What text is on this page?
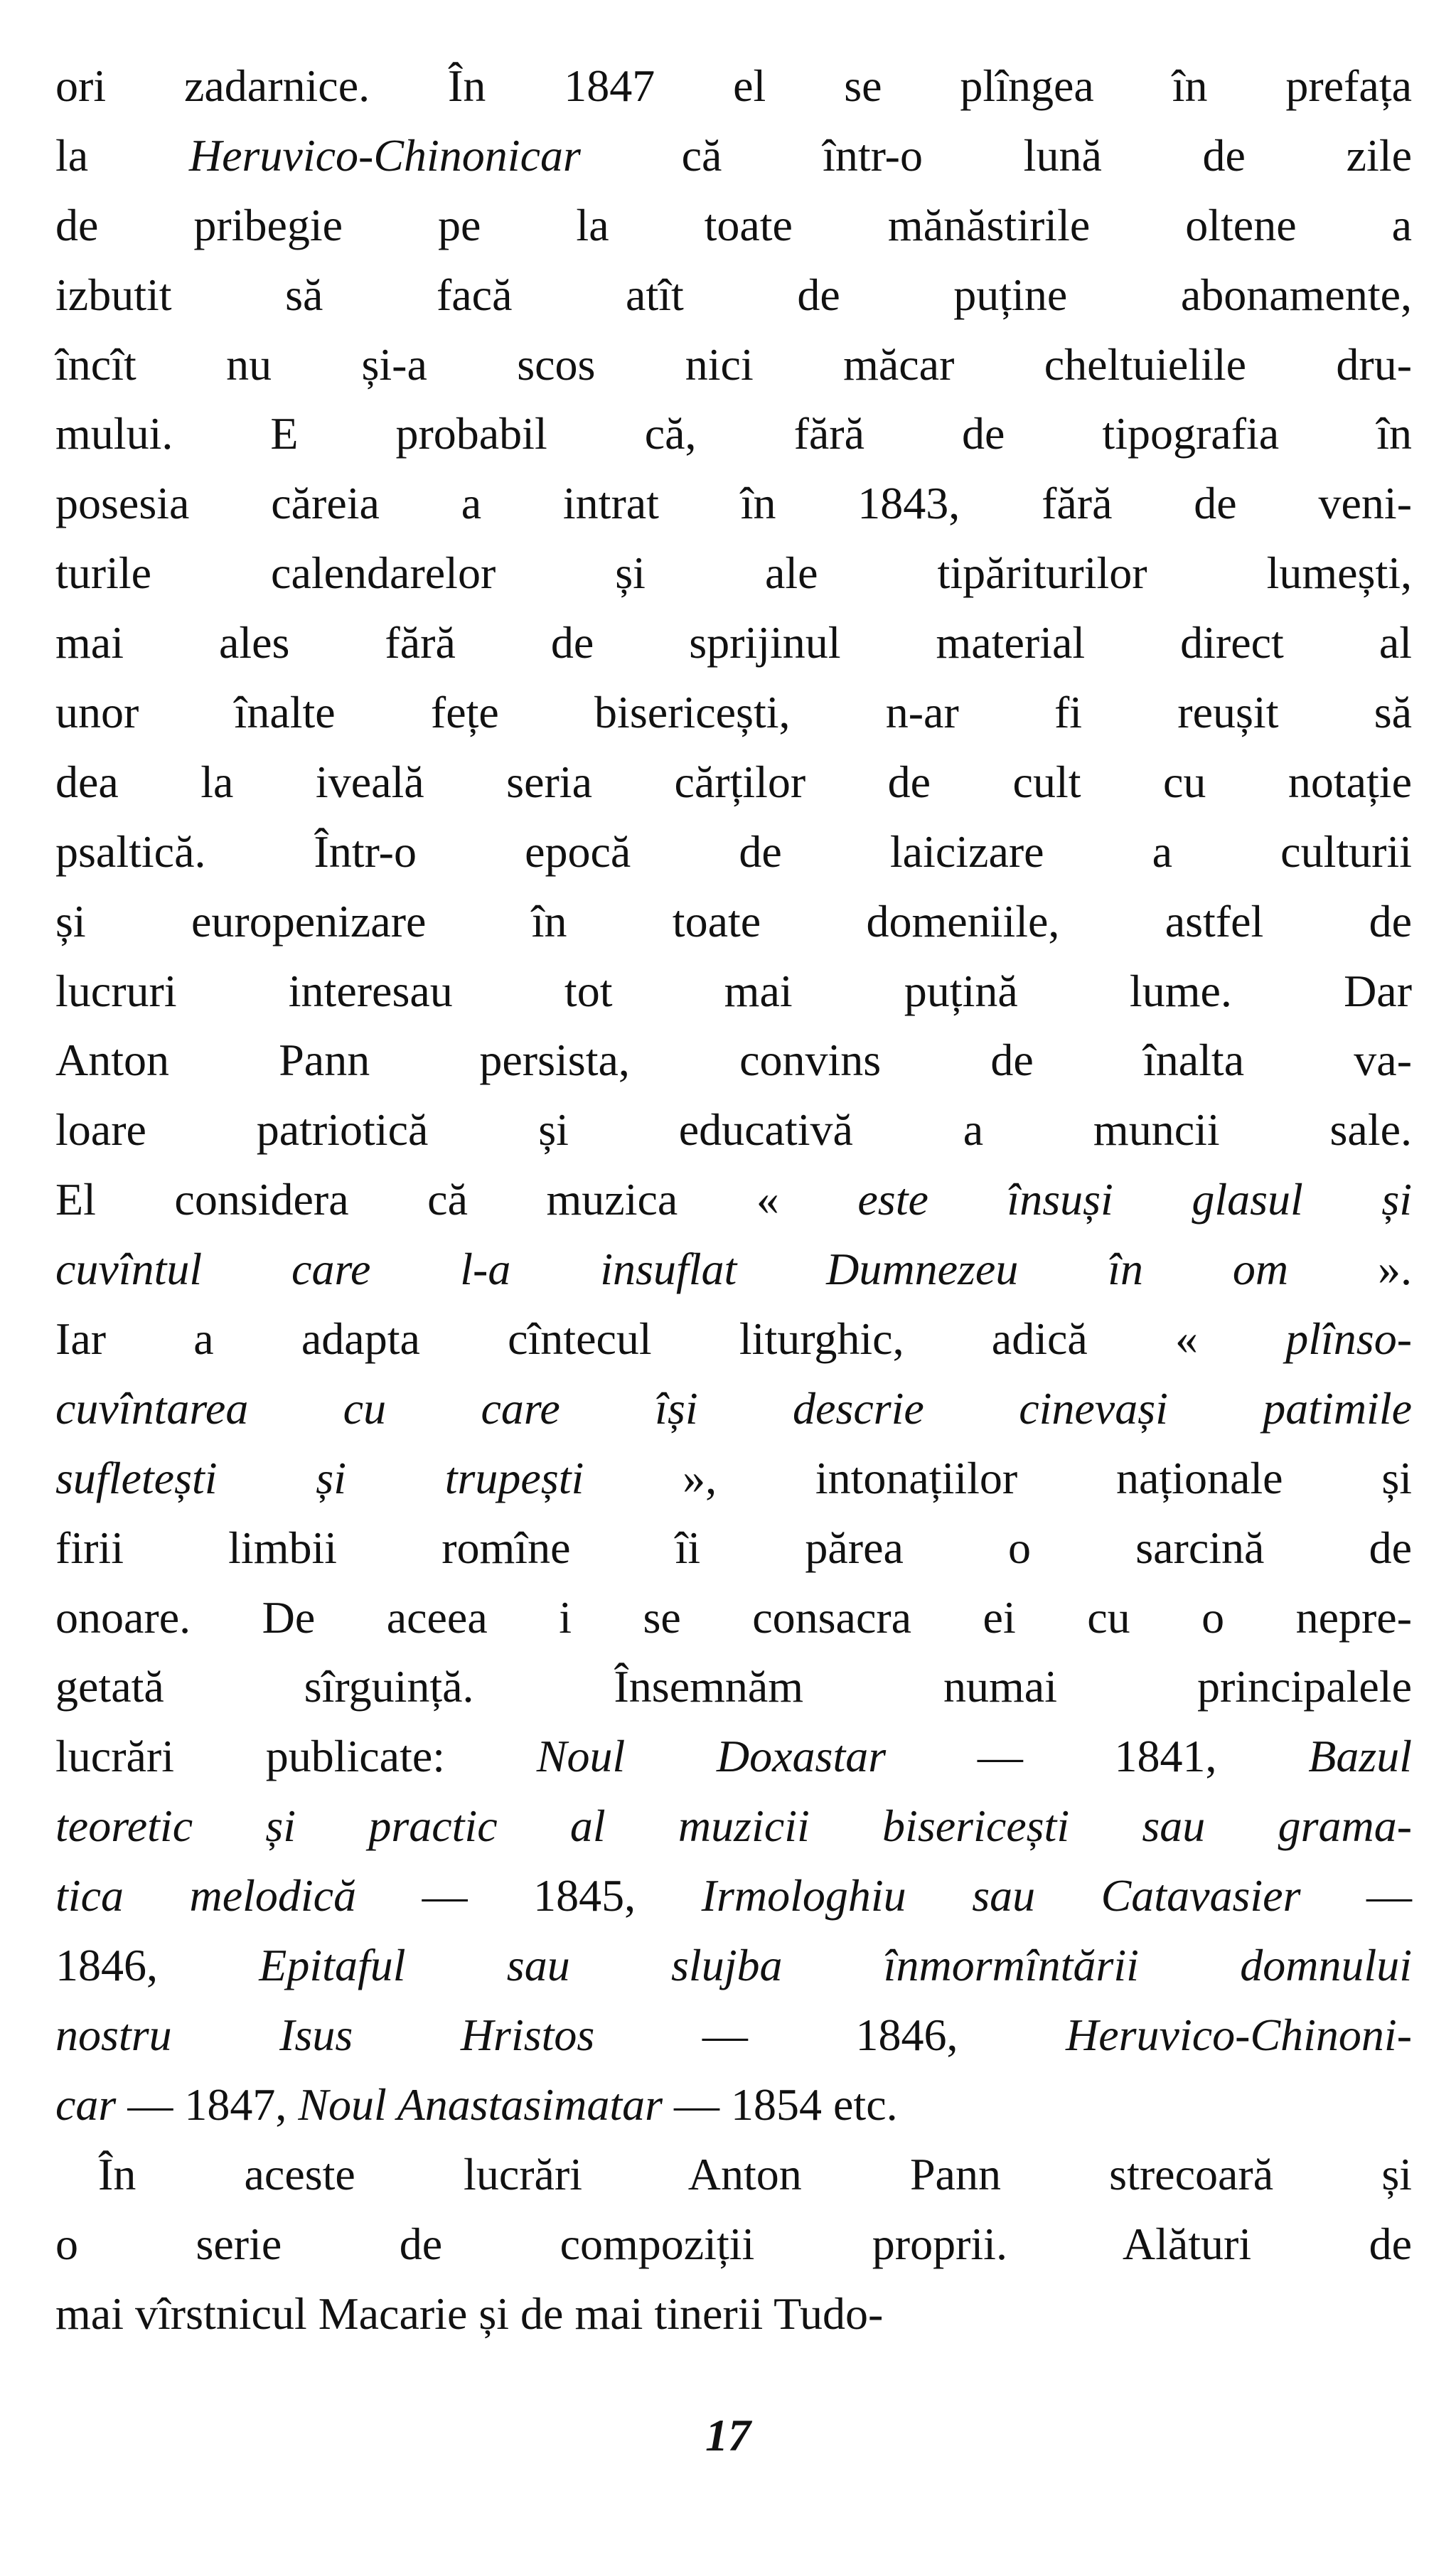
ori zadarnice. În 1847 el se plîngea în prefața
la Heruvico-Chinonicar că într-o lună de zile
de pribegie pe la toate mănăstirile oltene a
izbutit să facă atît de puține abonamente,
încît nu și-a scos nici măcar cheltuielile dru-
mului. E probabil că, fără de tipografia în
posesia căreia a intrat în 1843, fără de veni-
turile calendarelor și ale tipăriturilor lumești,
mai ales fără de sprijinul material direct al
unor înalte fețe bisericești, n-ar fi reușit să
dea la iveală seria cărților de cult cu notație
psaltică. Într-o epocă de laicizare a culturii
și europenizare în toate domeniile, astfel de
lucruri interesau tot mai puțină lume. Dar
Anton Pann persista, convins de înalta va-
loare patriotică și educativă a muncii sale.
El considera că muzica « este însuși glasul și
cuvîntul care l-a insuflat Dumnezeu în om ».
Iar a adapta cîntecul liturghic, adică « plînso-
cuvîntarea cu care își descrie cinevași patimile
sufletești și trupești », intonațiilor naționale și
firii limbii romîne îi părea o sarcină de
onoare. De aceea i se consacra ei cu o nepre-
getată sîrguință. Însemnăm numai principalele
lucrări publicate: Noul Doxastar — 1841, Bazul
teoretic și practic al muzicii bisericești sau grama-
tica melodică — 1845, Irmologhiu sau Catavasier —
1846, Epitaful sau slujba înmormîntării domnului
nostru Isus Hristos — 1846, Heruvico-Chinoni-
car — 1847, Noul Anastasimatar — 1854 etc.
În aceste lucrări Anton Pann strecoară și
o serie de compoziții proprii. Alături de
mai vîrstnicul Macarie și de mai tinerii Tudo-
17
